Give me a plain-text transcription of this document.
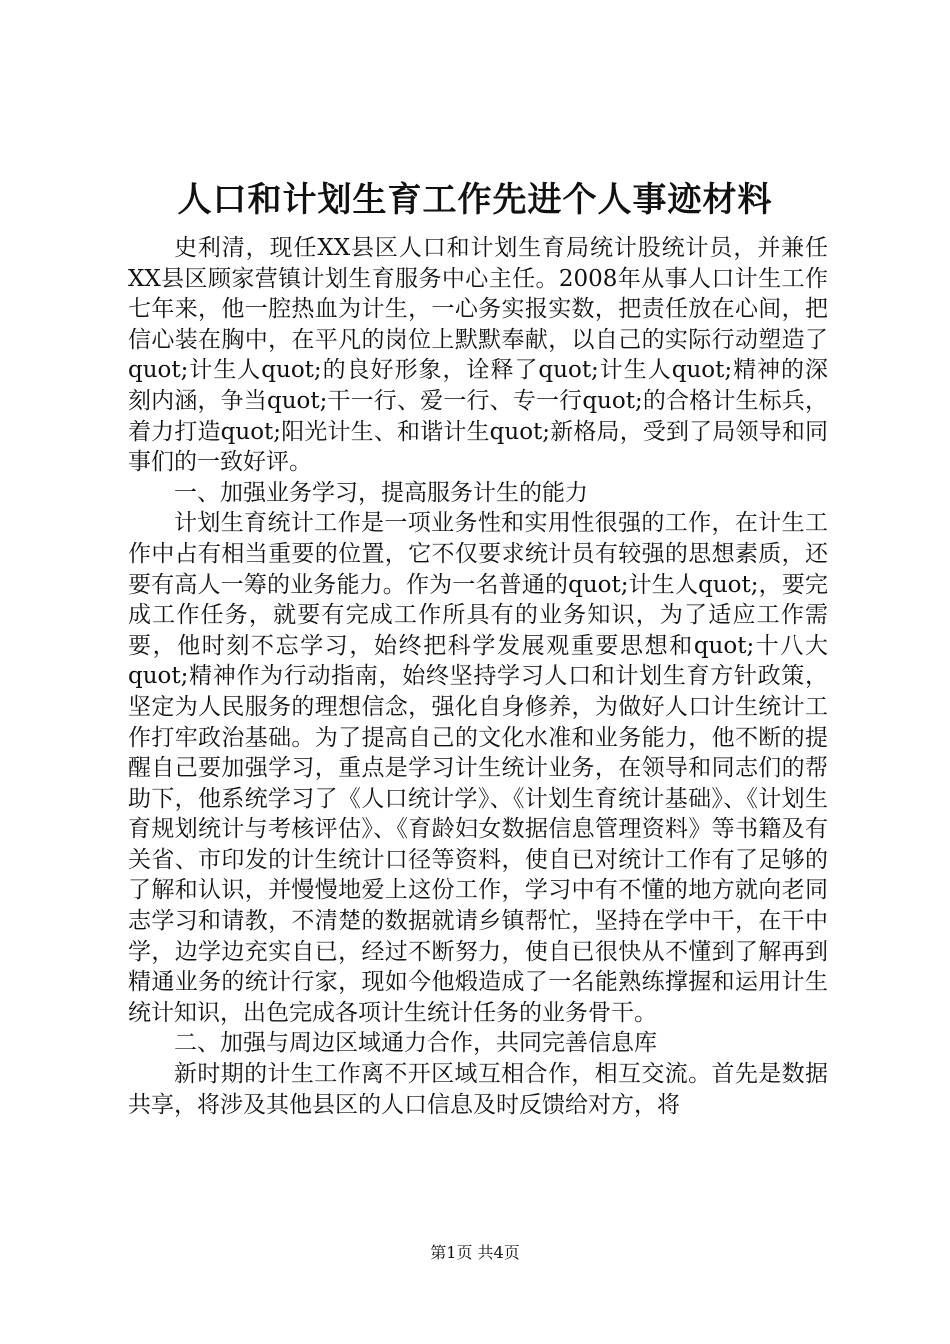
人口和计划生育工作先进个人事迹材料

史利清，现任XX县区人口和计划生育局统计股统计员，并兼任XX县区顾家营镇计划生育服务中心主任。2008年从事人口计生工作七年来，他一腔热血为计生，一心务实报实数，把责任放在心间，把信心装在胸中，在平凡的岗位上默默奉献，以自己的实际行动塑造了quot;计生人quot;的良好形象，诠释了quot;计生人quot;精神的深刻内涵，争当quot;干一行、爱一行、专一行quot;的合格计生标兵，着力打造quot;阳光计生、和谐计生quot;新格局，受到了局领导和同事们的一致好评。

一、加强业务学习，提高服务计生的能力

计划生育统计工作是一项业务性和实用性很强的工作，在计生工作中占有相当重要的位置，它不仅要求统计员有较强的思想素质，还要有高人一筹的业务能力。作为一名普通的quot;计生人quot;，要完成工作任务，就要有完成工作所具有的业务知识，为了适应工作需要，他时刻不忘学习，始终把科学发展观重要思想和quot;十八大quot;精神作为行动指南，始终坚持学习人口和计划生育方针政策，坚定为人民服务的理想信念，强化自身修养，为做好人口计生统计工作打牢政治基础。为了提高自己的文化水准和业务能力，他不断的提醒自己要加强学习，重点是学习计生统计业务，在领导和同志们的帮助下，他系统学习了《人口统计学》、《计划生育统计基础》、《计划生育规划统计与考核评估》、《育龄妇女数据信息管理资料》等书籍及有关省、市印发的计生统计口径等资料，使自已对统计工作有了足够的了解和认识，并慢慢地爱上这份工作，学习中有不懂的地方就向老同志学习和请教，不清楚的数据就请乡镇帮忙，坚持在学中干，在干中学，边学边充实自已，经过不断努力，使自已很快从不懂到了解再到精通业务的统计行家，现如今他煅造成了一名能熟练撑握和运用计生统计知识，出色完成各项计生统计任务的业务骨干。

二、加强与周边区域通力合作，共同完善信息库

新时期的计生工作离不开区域互相合作，相互交流。首先是数据共享，将涉及其他县区的人口信息及时反馈给对方，将

第1页 共4页
